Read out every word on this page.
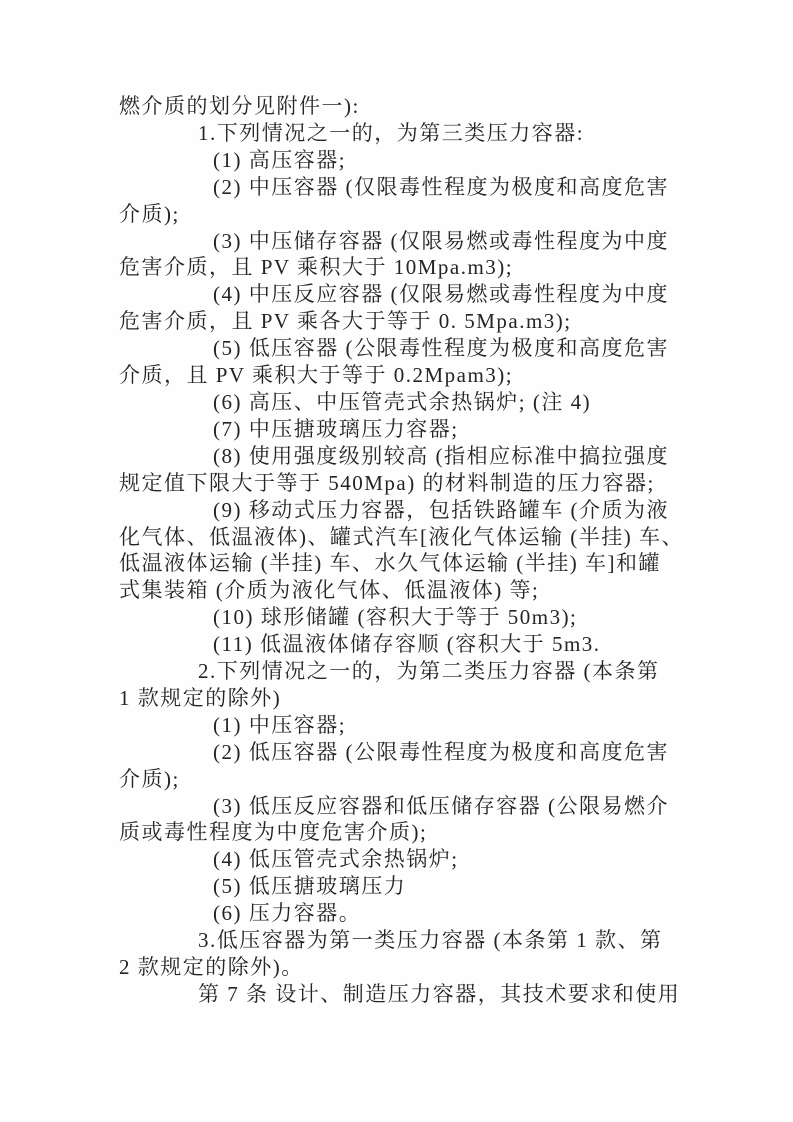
燃介质的划分见附件一):
1.下列情况之一的，为第三类压力容器:
(1) 高压容器;
(2) 中压容器 (仅限毒性程度为极度和高度危害
介质);
(3) 中压储存容器 (仅限易燃或毒性程度为中度
危害介质，且 PV 乘积大于 10Mpa.m3);
(4) 中压反应容器 (仅限易燃或毒性程度为中度
危害介质，且 PV 乘各大于等于 0. 5Mpa.m3);
(5) 低压容器 (公限毒性程度为极度和高度危害
介质，且 PV 乘积大于等于 0.2Mpam3);
(6) 高压、中压管壳式余热锅炉; (注 4)
(7) 中压搪玻璃压力容器;
(8) 使用强度级别较高 (指相应标准中搞拉强度
规定值下限大于等于 540Mpa) 的材料制造的压力容器;
(9) 移动式压力容器，包括铁路罐车 (介质为液
化气体、低温液体)、罐式汽车[液化气体运输 (半挂) 车、
低温液体运输 (半挂) 车、水久气体运输 (半挂) 车]和罐
式集装箱 (介质为液化气体、低温液体) 等;
(10) 球形储罐 (容积大于等于 50m3);
(11) 低温液体储存容顺 (容积大于 5m3.
2.下列情况之一的，为第二类压力容器 (本条第
1 款规定的除外)
(1) 中压容器;
(2) 低压容器 (公限毒性程度为极度和高度危害
介质);
(3) 低压反应容器和低压储存容器 (公限易燃介
质或毒性程度为中度危害介质);
(4) 低压管壳式余热锅炉;
(5) 低压搪玻璃压力
(6) 压力容器。
3.低压容器为第一类压力容器 (本条第 1 款、第
2 款规定的除外)。
第 7 条 设计、制造压力容器，其技术要求和使用
